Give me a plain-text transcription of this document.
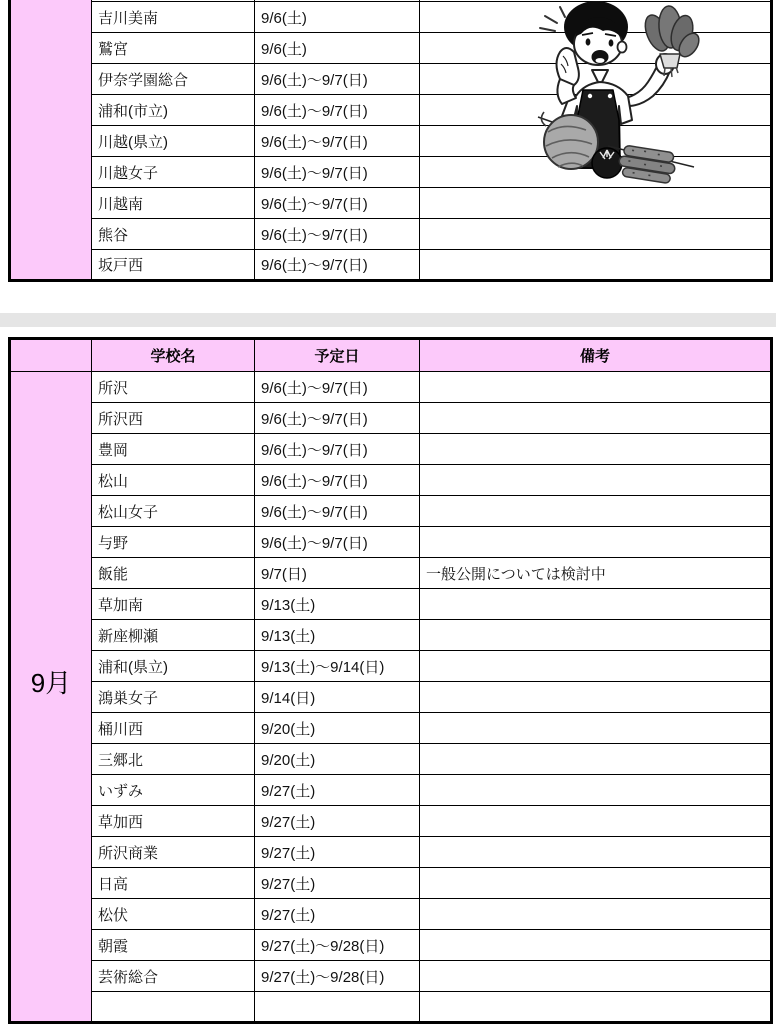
	吉川美南	9/6(土)	
	鷲宮	9/6(土)	
	伊奈学園総合	9/6(土)〜9/7(日)	
	浦和(市立)	9/6(土)〜9/7(日)	
	川越(県立)	9/6(土)〜9/7(日)	
	川越女子	9/6(土)〜9/7(日)	
	川越南	9/6(土)〜9/7(日)	
	熊谷	9/6(土)〜9/7(日)	
	坂戸西	9/6(土)〜9/7(日)	
	学校名	予定日	備考
9月	所沢	9/6(土)〜9/7(日)	
	所沢西	9/6(土)〜9/7(日)	
	豊岡	9/6(土)〜9/7(日)	
	松山	9/6(土)〜9/7(日)	
	松山女子	9/6(土)〜9/7(日)	
	与野	9/6(土)〜9/7(日)	
	飯能	9/7(日)	一般公開については検討中
	草加南	9/13(土)	
	新座柳瀬	9/13(土)	
	浦和(県立)	9/13(土)〜9/14(日)	
	鴻巣女子	9/14(日)	
	桶川西	9/20(土)	
	三郷北	9/20(土)	
	いずみ	9/27(土)	
	草加西	9/27(土)	
	所沢商業	9/27(土)	
	日高	9/27(土)	
	松伏	9/27(土)	
	朝霞	9/27(土)〜9/28(日)	
	芸術総合	9/27(土)〜9/28(日)	
